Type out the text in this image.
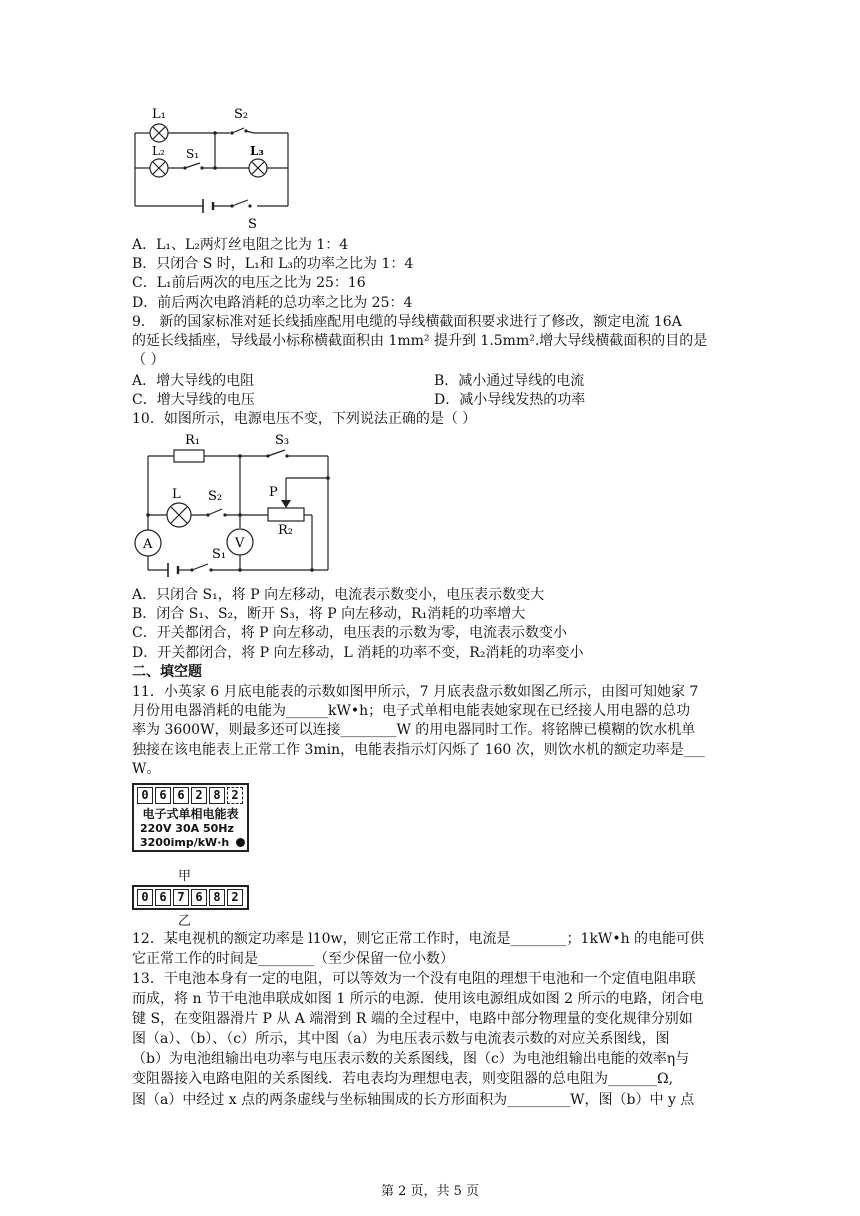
L₁
L₂ S₁
S₂
L₃
S
A．L₁、L₂两灯丝电阻之比为 1：4
B．只闭合 S 时，L₁和 L₃的功率之比为 1：4
C．L₁前后两次的电压之比为 25：16
D．前后两次电路消耗的总功率之比为 25：4
9． 新的国家标准对延长线插座配用电缆的导线横截面积要求进行了修改，额定电流 16A
的延长线插座，导线最小标称横截面积由 1mm² 提升到 1.5mm².增大导线横截面积的目的是
（ ）
A．增大导线的电阻	B．减小通过导线的电流
C．增大导线的电压	D．减小导线发热的功率
10．如图所示，电源电压不变，下列说法正确的是（ ）
R₁	S₃
L S₂	P
R₂
A	V
S₁
A．只闭合 S₁，将 P 向左移动，电流表示数变小，电压表示数变大
B．闭合 S₁、S₂，断开 S₃，将 P 向左移动，R₁消耗的功率增大
C．开关都闭合，将 P 向左移动，电压表的示数为零，电流表示数变小
D．开关都闭合，将 P 向左移动，L 消耗的功率不变，R₂消耗的功率变小
二、填空题
11．小英家 6 月底电能表的示数如图甲所示，7 月底表盘示数如图乙所示，由图可知她家 7
月份用电器消耗的电能为______kW•h；电子式单相电能表她家现在已经接人用电器的总功
率为 3600W，则最多还可以连接________W 的用电器同时工作。将铭牌已模糊的饮水机单
独接在该电能表上正常工作 3min，电能表指示灯闪烁了 160 次，则饮水机的额定功率是___
W。
0 6 6 2 8 2
电子式单相电能表
220V 30A 50Hz
3200imp/kW·h
甲
0 6 7 6 8 2
乙
12．某电视机的额定功率是 l10w，则它正常工作时，电流是________；1kW•h 的电能可供
它正常工作的时间是________（至少保留一位小数）
13．干电池本身有一定的电阻，可以等效为一个没有电阻的理想干电池和一个定值电阻串联
而成，将 n 节干电池串联成如图 1 所示的电源．使用该电源组成如图 2 所示的电路，闭合电
键 S，在变阻器滑片 P 从 A 端滑到 R 端的全过程中，电路中部分物理量的变化规律分别如
图（a）、（b）、（c）所示，其中图（a）为电压表示数与电流表示数的对应关系图线，图
（b）为电池组输出电功率与电压表示数的关系图线，图（c）为电池组输出电能的效率η与
变阻器接入电路电阻的关系图线．若电表均为理想电表，则变阻器的总电阻为_______Ω,
图（a）中经过 x 点的两条虚线与坐标轴围成的长方形面积为_________W，图（b）中 y 点
第 2 页，共 5 页
